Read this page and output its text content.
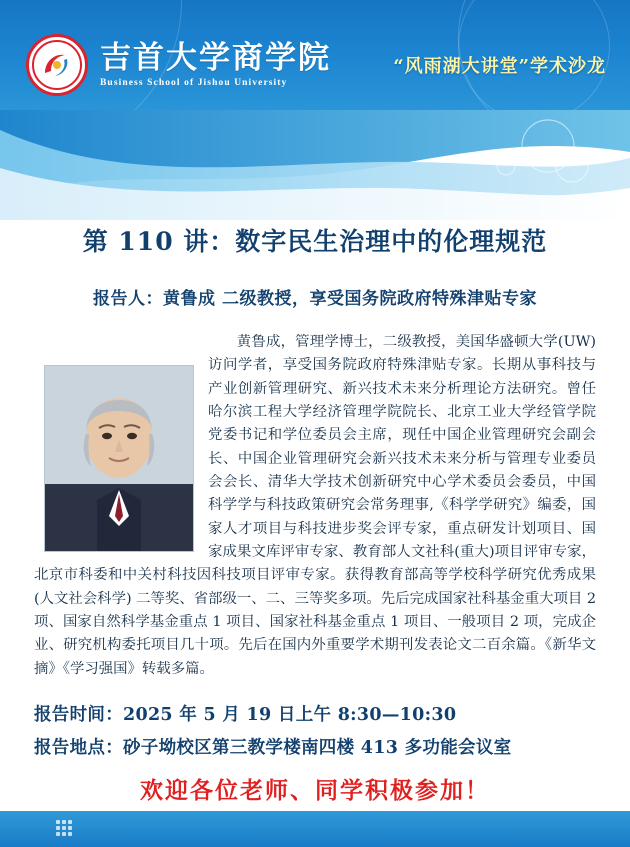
吉首大学商学院
Business School of Jishou University
“风雨湖大讲堂”学术沙龙
第 110 讲：数字民生治理中的伦理规范
报告人：黄鲁成 二级教授，享受国务院政府特殊津贴专家
黄鲁成，管理学博士，二级教授，美国华盛顿大学(UW)访问学者，享受国务院政府特殊津贴专家。长期从事科技与产业创新管理研究、新兴技术未来分析理论方法研究。曾任哈尔滨工程大学经济管理学院院长、北京工业大学经管学院党委书记和学位委员会主席，现任中国企业管理研究会副会长、中国企业管理研究会新兴技术未来分析与管理专业委员会会长、清华大学技术创新研究中心学术委员会委员，中国科学学与科技政策研究会常务理事,《科学学研究》编委，国家人才项目与科技进步奖会评专家，重点研发计划项目、国家成果文库评审专家、教育部人文社科(重大)项目评审专家，北京市科委和中关村科技因科技项目评审专家。获得教育部高等学校科学研究优秀成果 (人文社会科学) 二等奖、省部级一、二、三等奖多项。先后完成国家社科基金重大项目 2 项、国家自然科学基金重点 1 项目、国家社科基金重点 1 项目、一般项目 2 项，完成企业、研究机构委托项目几十项。先后在国内外重要学术期刊发表论文二百余篇。《新华文摘》《学习强国》转载多篇。
报告时间：2025 年 5 月 19 日上午 8:30—10:30
报告地点：砂子坳校区第三教学楼南四楼 413 多功能会议室
欢迎各位老师、同学积极参加！
